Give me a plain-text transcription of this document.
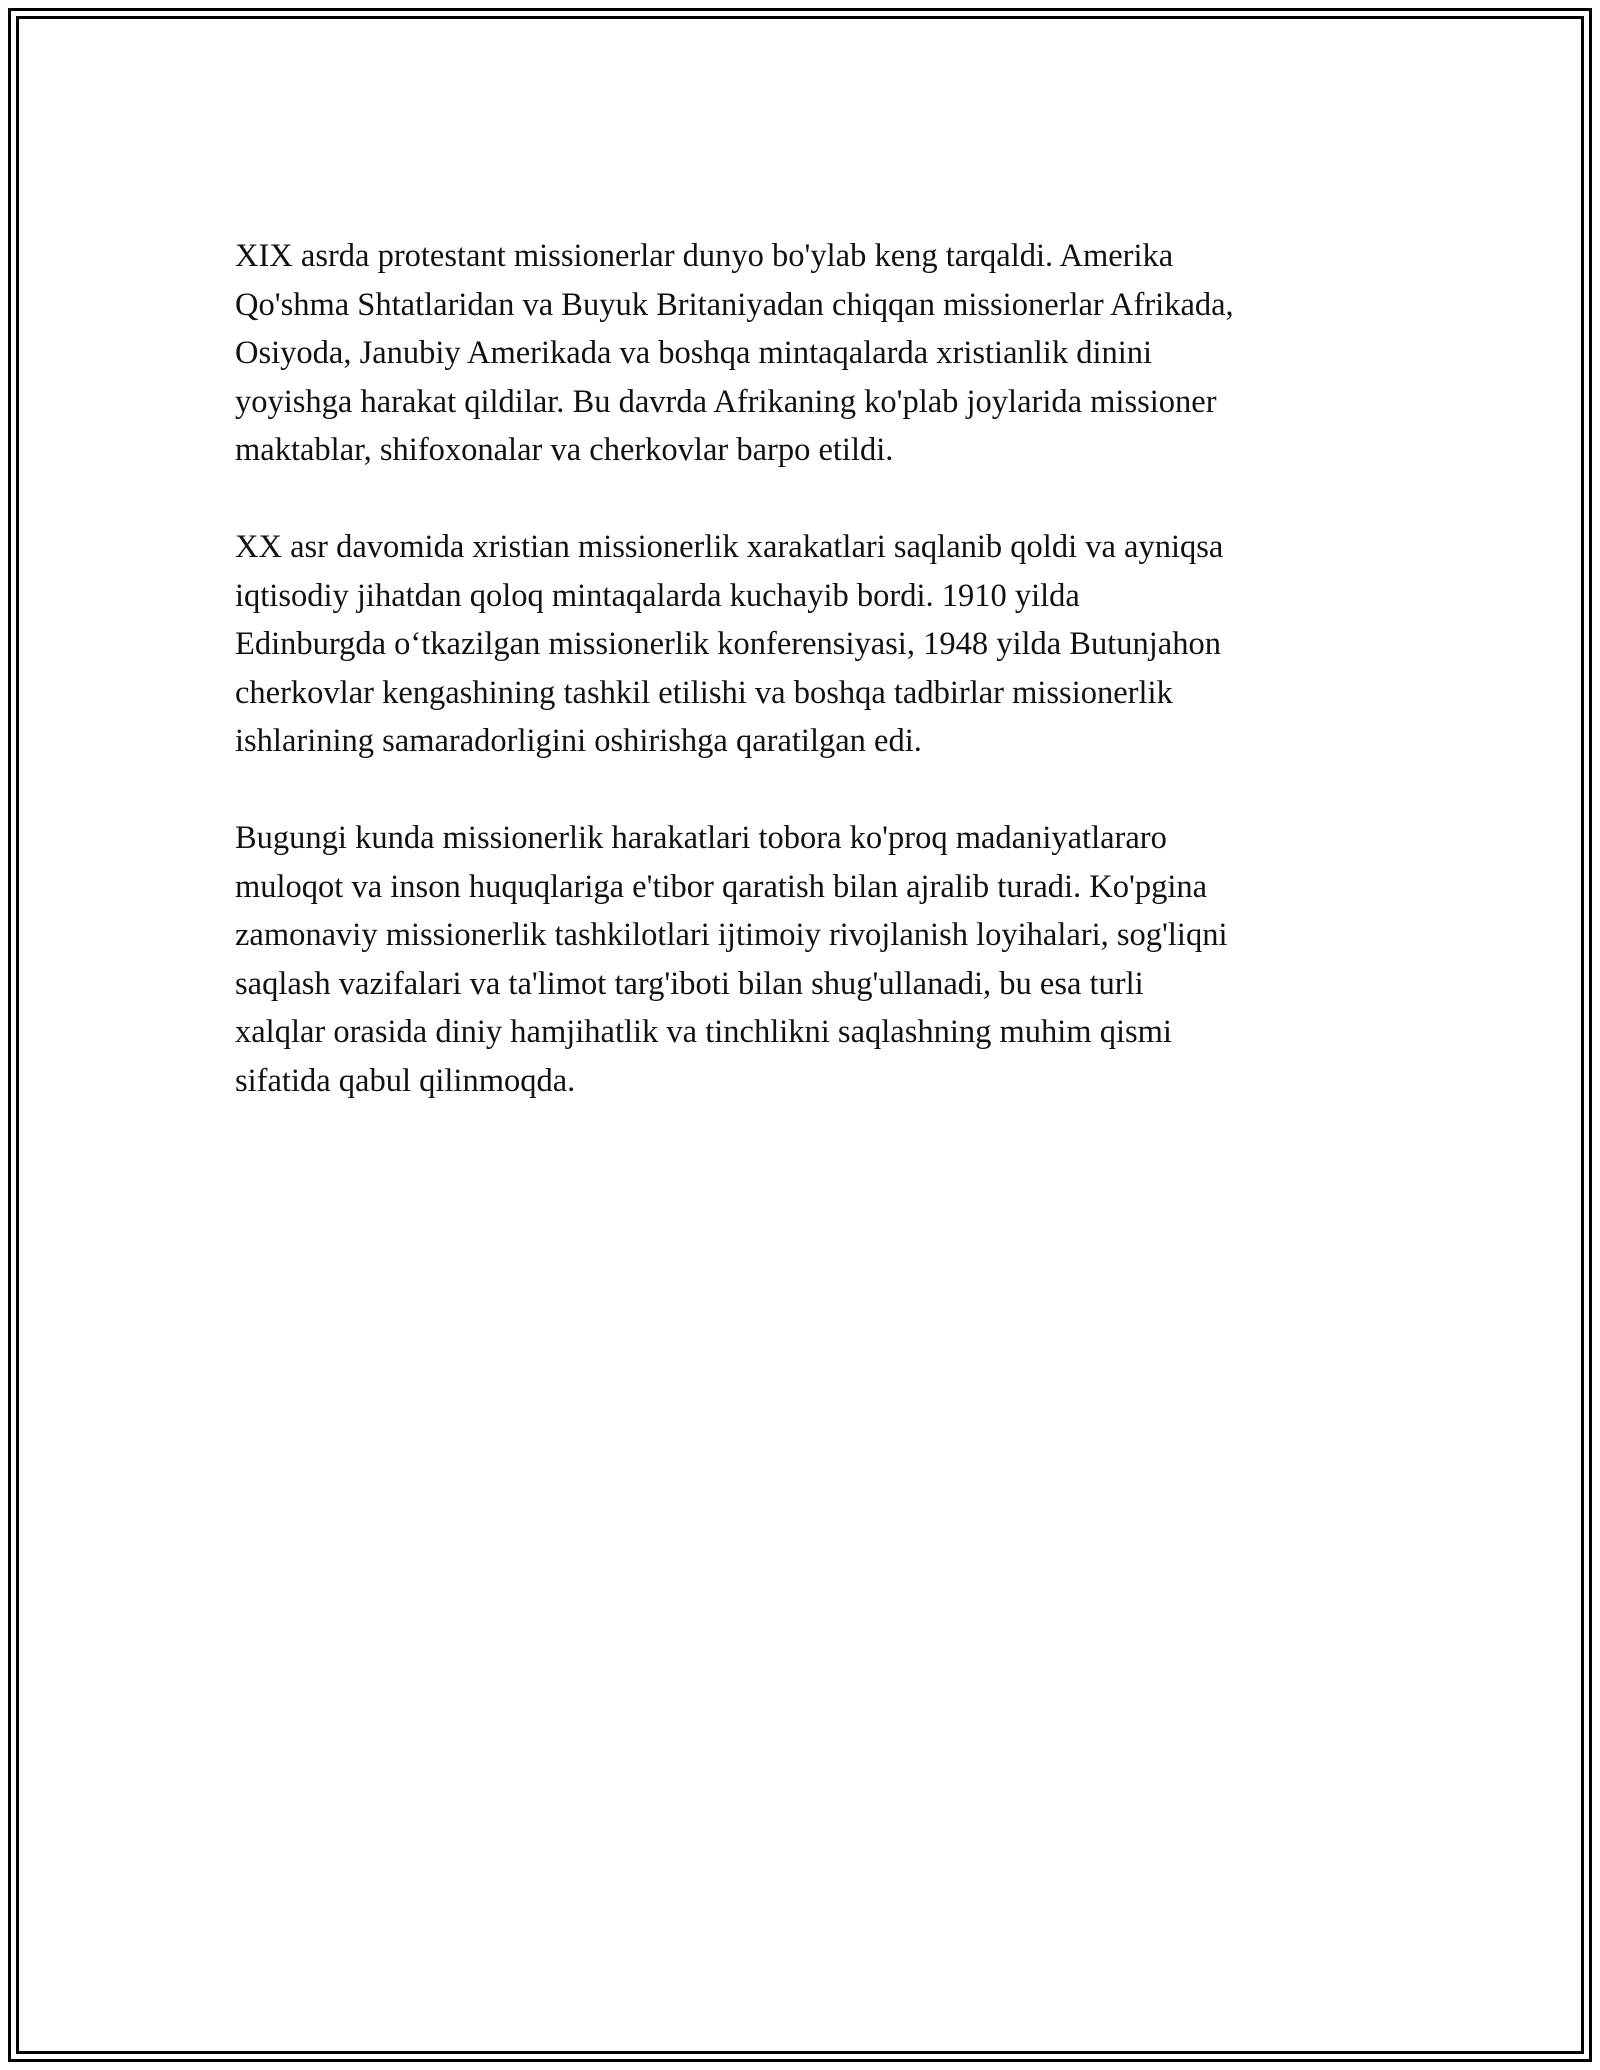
XIX asrda protestant missionerlar dunyo bo'ylab keng tarqaldi. Amerika
Qo'shma Shtatlaridan va Buyuk Britaniyadan chiqqan missionerlar Afrikada,
Osiyoda, Janubiy Amerikada va boshqa mintaqalarda xristianlik dinini
yoyishga harakat qildilar. Bu davrda Afrikaning ko'plab joylarida missioner
maktablar, shifoxonalar va cherkovlar barpo etildi.

XX asr davomida xristian missionerlik xarakatlari saqlanib qoldi va ayniqsa
iqtisodiy jihatdan qoloq mintaqalarda kuchayib bordi. 1910 yilda
Edinburgda o‘tkazilgan missionerlik konferensiyasi, 1948 yilda Butunjahon
cherkovlar kengashining tashkil etilishi va boshqa tadbirlar missionerlik
ishlarining samaradorligini oshirishga qaratilgan edi.

Bugungi kunda missionerlik harakatlari tobora ko'proq madaniyatlararo
muloqot va inson huquqlariga e'tibor qaratish bilan ajralib turadi. Ko'pgina
zamonaviy missionerlik tashkilotlari ijtimoiy rivojlanish loyihalari, sog'liqni
saqlash vazifalari va ta'limot targ'iboti bilan shug'ullanadi, bu esa turli
xalqlar orasida diniy hamjihatlik va tinchlikni saqlashning muhim qismi
sifatida qabul qilinmoqda.
